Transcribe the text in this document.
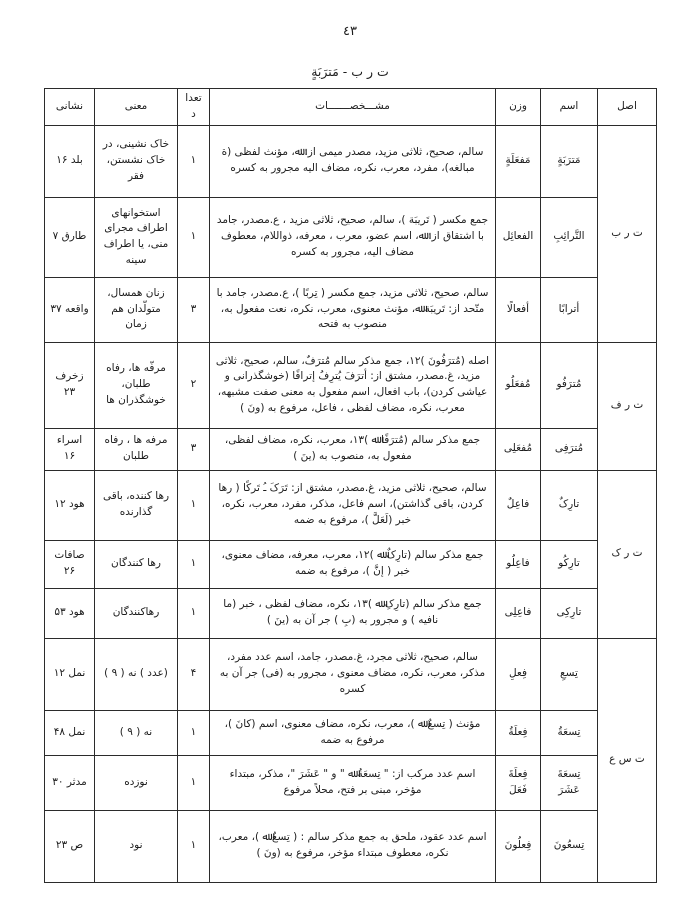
٤٣
ت ر ب - مَترَبَةٍ
اصل	اسم	وزن	مشـــخصـــــــات	تعداد	معنى	نشانى
ت ر ب	مَترَبَةٍ	مَفعَلَةٍ	سالم، صحیح، ثلاثی مزید، مصدر میمی از: ﷲ، مؤنث لفظی (ة مبالغه)، مفرد، معرب، نکره، مضاف الیه مجرور به کسره	۱	خاک نشینی، در خاک نشستن، فقر	بلد ۱۶
	التَّرائِبِ	الفعائِل	جمع مکسر ( تَریبَة )، سالم، صحیح، ثلاثی مزید ، ع.مصدر، جامد با اشتقاق از: ﷲ، اسم عضو، معرب ، معرفه، ذواللام، معطوف مضاف الیه، مجرور به کسره	۱	استخوانهای اطراف مجرای منی، یا اطراف سینه	طارق ۷
	أترابًا	أفعالًا	سالم، صحیح، ثلاثی مزید، جمع مکسر ( تِربًا )، ع.مصدر، جامد با متّحد از: تَریبَة ﷲ، مؤنث معنوی، معرب، نکره، نعت مفعول به، منصوب به فتحه	۳	زنان همسال، متولّدان هم زمان	واقعه ۳۷
ت ر ف	مُترَفُو	مُفعَلُو	اصله (مُترَفُونَ )۱۲، جمع مذکر سالم مُترَفٌ، سالم، صحیح، ثلاثی مزید، غ.مصدر، مشتق از: أترَفَ یُترِفُ إترافًا (خوشگذرانی و عیاشی کردن)، باب افعال، اسم مفعول به معنی صفت مشبهه، معرب، نکره، مضاف لفظی ، فاعل، مرفوع به (ونَ )	۲	مرفّه ها، رفاه طلبان، خوشگذران ها	زخرف ۲۳
	مُترَفِی	مُفعَلِی	جمع مذکر سالم (مُترَفًا ﷲ )۱۳، معرب، نکره، مضاف لفظی، مفعول به، منصوب به (ینَ )	۳	مرفه ها ، رفاه طلبان	اسراء ۱۶
ت ر ک	تارِکٌ	فاعِلٌ	سالم، صحیح، ثلاثی مزید، غ.مصدر، مشتق از: تَرَکَ ـُ تَرکًا ( رها کردن، باقی گذاشتن)، اسم فاعل، مذکر، مفرد، معرب، نکره، خبر (لَعَلَّ )، مرفوع به ضمه	۱	رها کننده، باقی گذارنده	هود ۱۲
	تارِکُو	فاعِلُو	جمع مذکر سالم (تارِکٌ ﷲ )۱۲، معرب، معرفه، مضاف معنوی، خبر ( إنَّ )، مرفوع به ضمه	۱	رها کنندگان	صافات ۲۶
	تارِکِی	فاعِلِی	جمع مذکر سالم (تارِکِ ﷲ )۱۳، نکره، مضاف لفظی ، خبر (ما نافیه ) و مجرور به (بِ ) جر آن به (ینَ )	۱	رهاکنندگان	هود ۵۳
ت س ع	تِسعِ	فِعلِ	سالم، صحیح، ثلاثی مجرد، غ.مصدر، جامد، اسم عدد مفرد، مذکر، معرب، نکره، مضاف معنوی ، مجرور به (فی) جر آن به کسره	۴	(عدد ) نه ( ۹ )	نمل ۱۲
	تِسعَةُ	فِعلَةُ	مؤنث ( تِسعٌ ﷲ )، معرب، نکره، مضاف معنوی، اسم (کانَ )، مرفوع به ضمه	۱	نه ( ۹ )	نمل ۴۸
	تِسعَةَ عَشَرَ	فِعلَةَ فَعَلَ	اسم عدد مرکب از: " تِسعَةُ ﷲ " و " عَشَرَ "، مذکر، مبتداء مؤخر، مبنی بر فتح، محلاً مرفوع	۱	نوزده	مدثر ۳۰
	تِسعُونَ	فِعلُونَ	اسم عدد عقود، ملحق به جمع مذکر سالم : ( تِسعٌ ﷲ )، معرب، نکره، معطوف مبتداء مؤخر، مرفوع به (ونَ )	۱	نود	ص ۲۳
